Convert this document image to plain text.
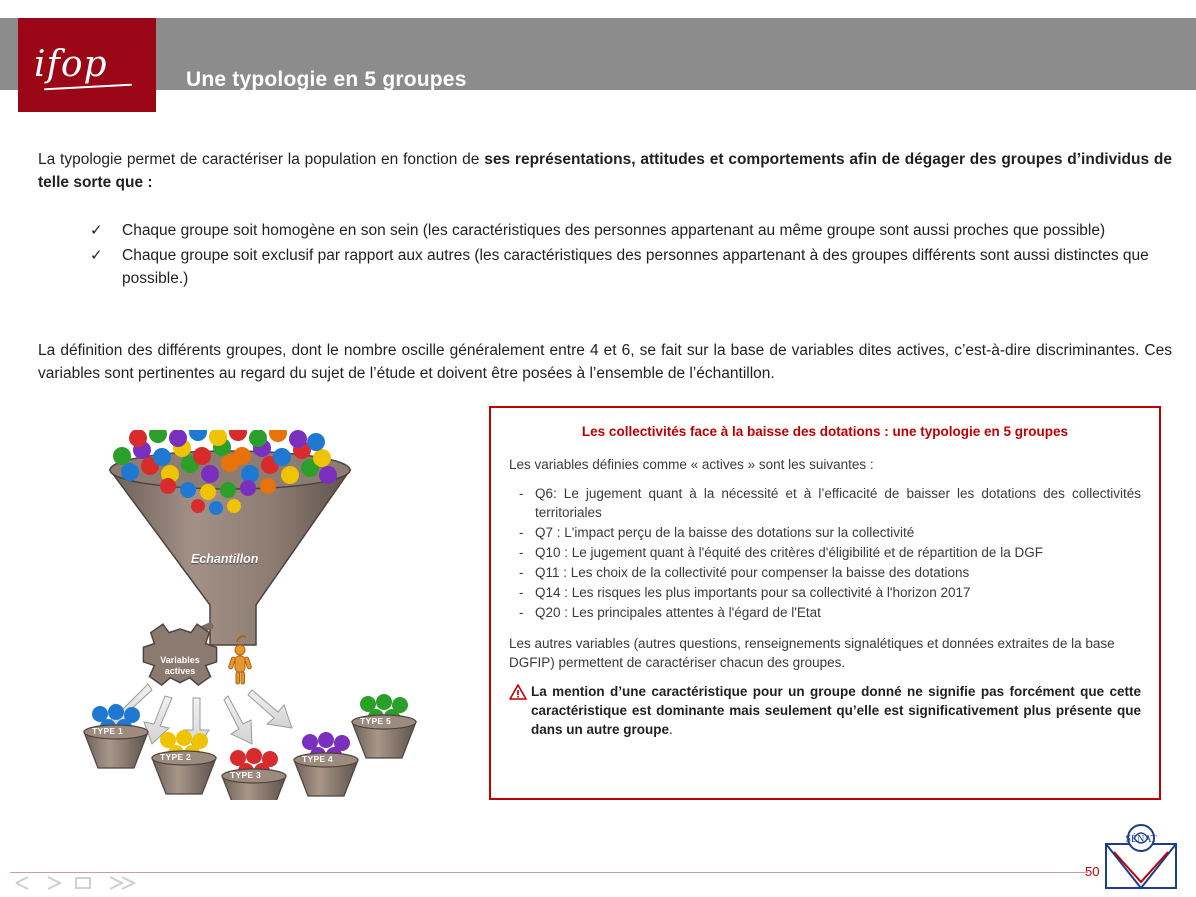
Une typologie en 5 groupes
ifop
La typologie permet de caractériser la population en fonction de ses représentations, attitudes et comportements afin de dégager des groupes d’individus de telle sorte que :
✓	Chaque groupe soit homogène en son sein (les caractéristiques des personnes appartenant au même groupe sont aussi proches que possible)
✓	Chaque groupe soit exclusif par rapport aux autres (les caractéristiques des personnes appartenant à des groupes différents sont aussi distinctes que possible.)
La définition des différents groupes, dont le nombre oscille généralement entre 4 et 6, se fait sur la base de variables dites actives, c’est-à-dire discriminantes. Ces variables sont pertinentes au regard du sujet de l’étude et doivent être posées à l’ensemble de l’échantillon.
Echantillon
Variables actives
TYPE 1
TYPE 2
TYPE 3
TYPE 4
TYPE 5
Les collectivités face à la baisse des dotations : une typologie en 5 groupes

Les variables définies comme « actives » sont les suivantes :

- Q6: Le jugement quant à la nécessité et à l’efficacité de baisser les dotations des collectivités territoriales
- Q7 : L'impact perçu de la baisse des dotations sur la collectivité
- Q10 : Le jugement quant à l'équité des critères d'éligibilité et de répartition de la DGF
- Q11 : Les choix de la collectivité pour compenser la baisse des dotations
- Q14 : Les risques les plus importants pour sa collectivité à l'horizon 2017
- Q20 : Les principales attentes à l'égard de l'Etat

Les autres variables (autres questions, renseignements signalétiques et données extraites de la base DGFIP) permettent de caractériser chacun des groupes.

La mention d’une caractéristique pour un groupe donné ne signifie pas forcément que cette caractéristique est dominante mais seulement qu’elle est significativement plus présente que dans un autre groupe.
50
SÉNAT
